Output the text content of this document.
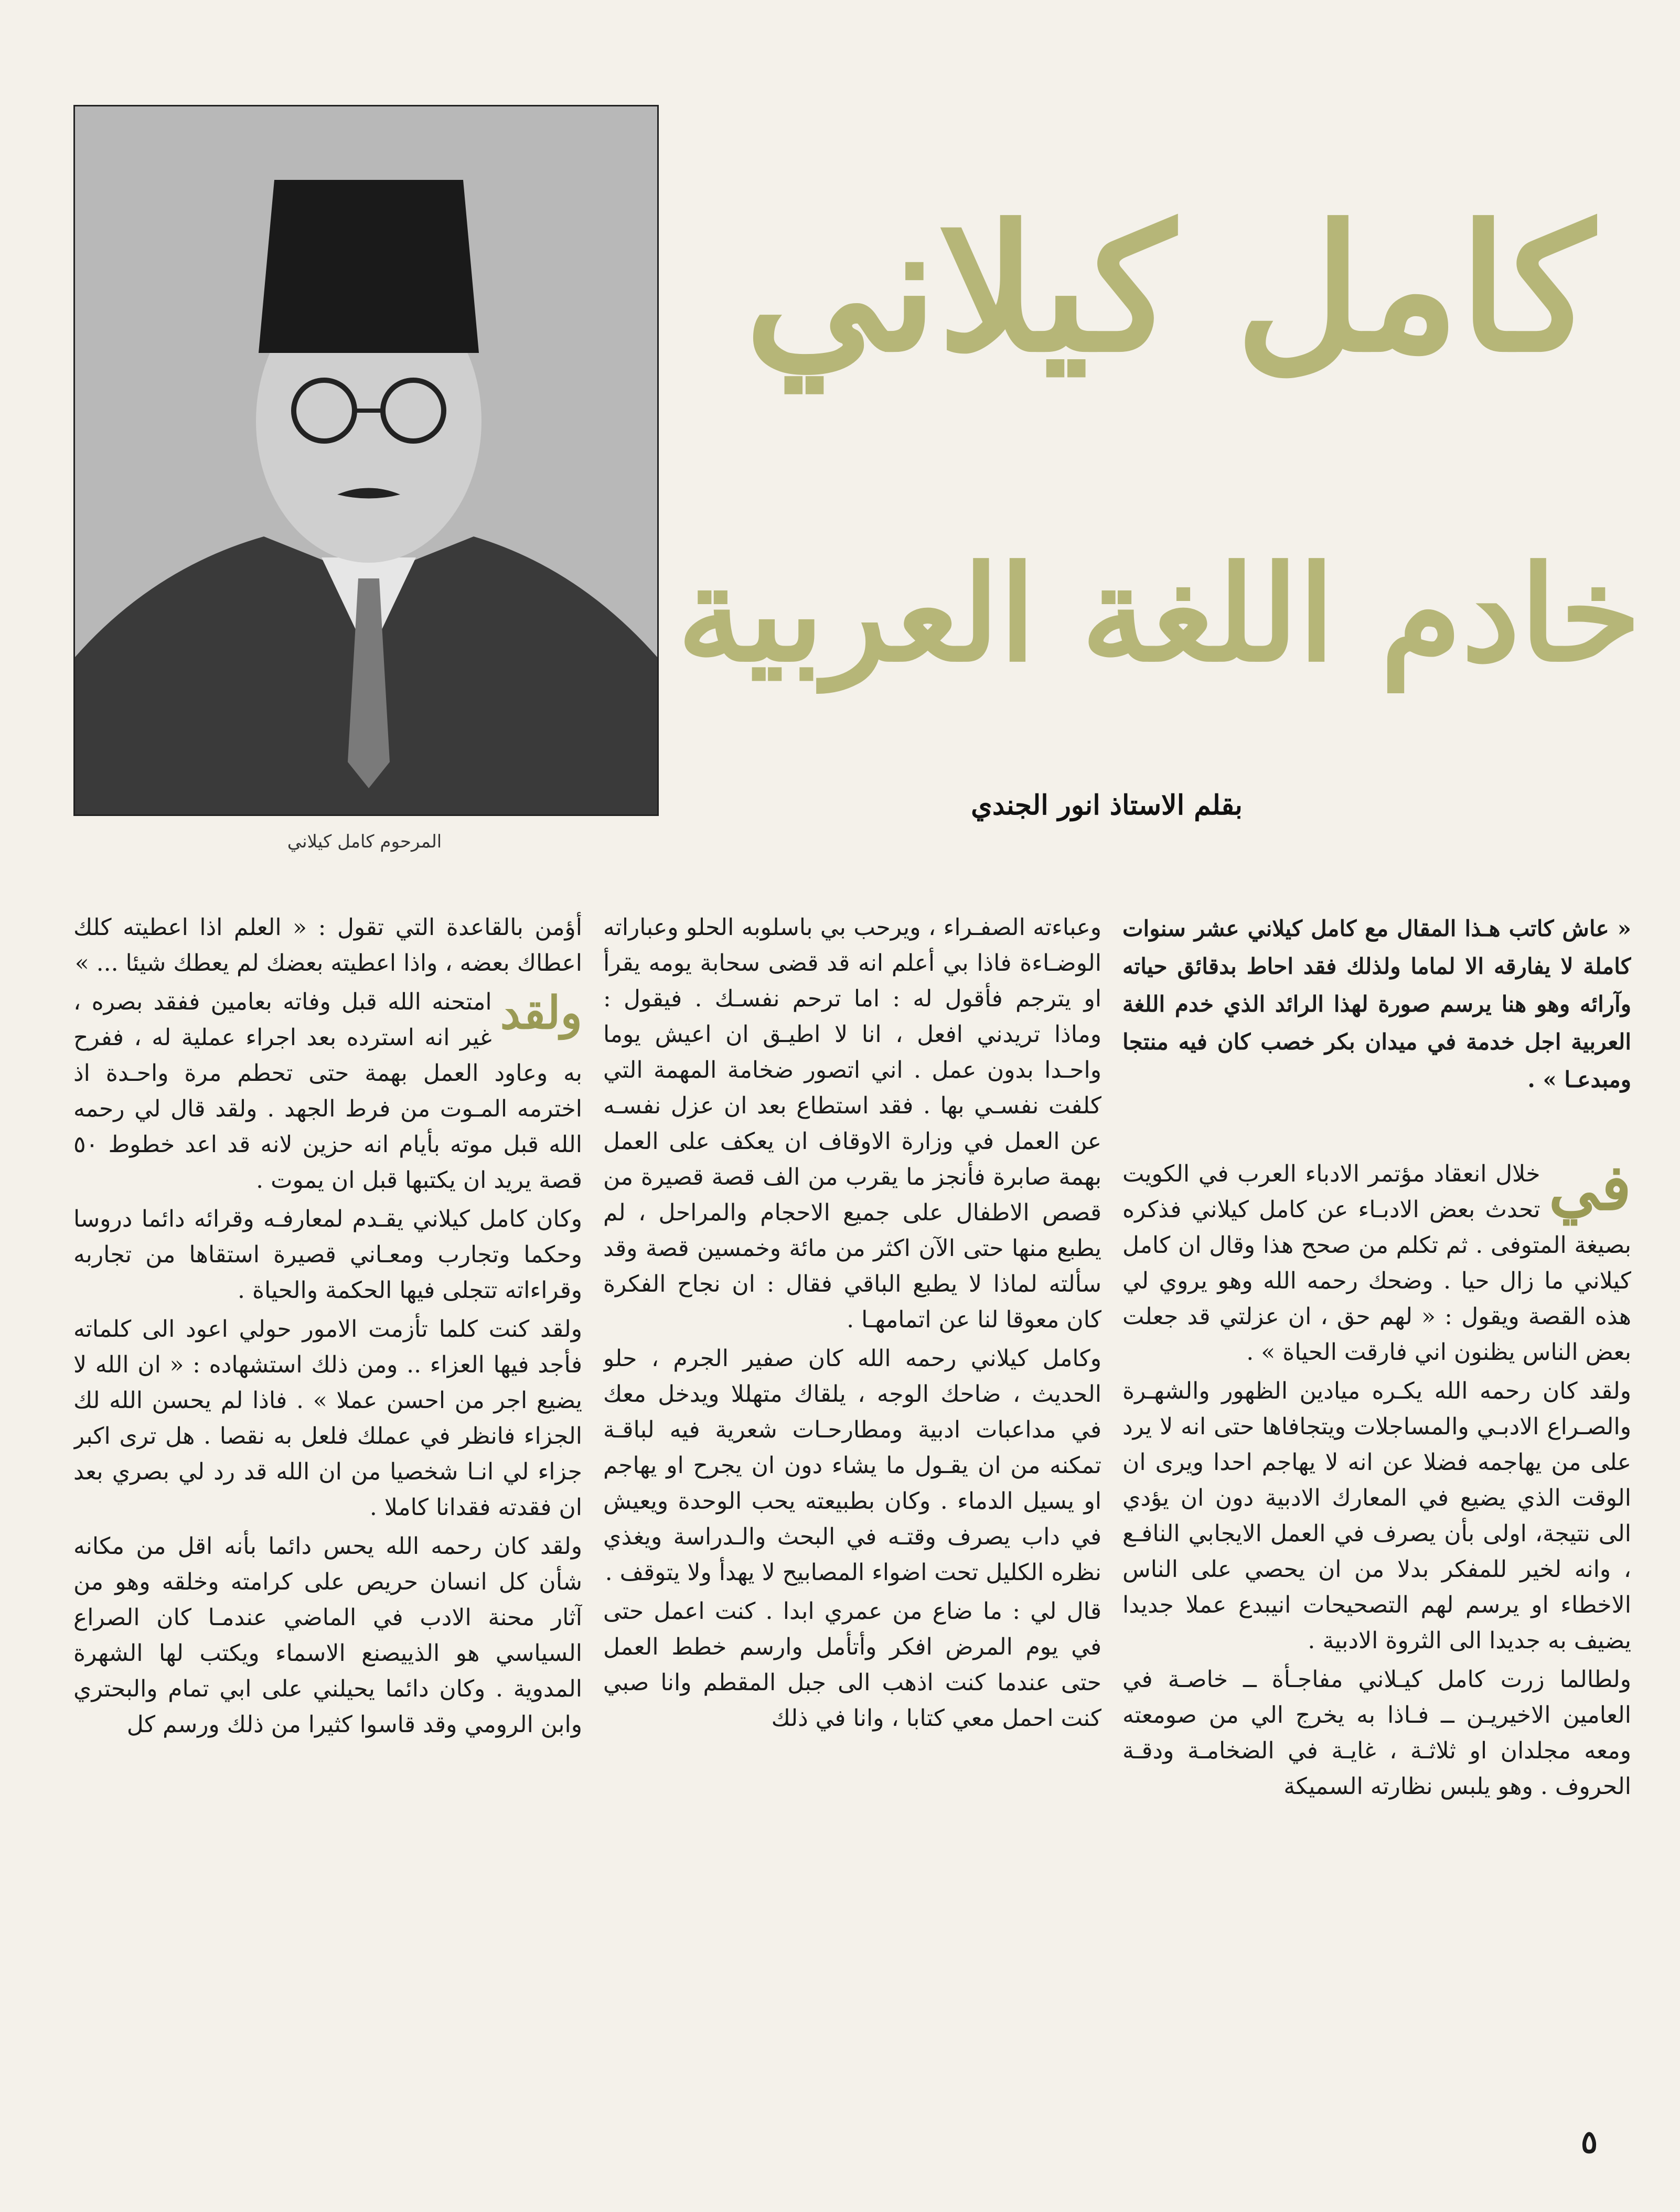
المرحوم كامل كيلاني
كامل كيلاني
خادم اللغة العربية
بقلم الاستاذ انور الجندي

« عاش كاتب هـذا المقال مع كامل كيلاني عشر سنوات كاملة لا يفارقه الا لماما ولذلك فقد احاط بدقائق حياته وآرائه وهو هنا يرسم صورة لهذا الرائد الذي خدم اللغة العربية اجل خدمة في ميدان بكر خصب كان فيه منتجا ومبدعـا » .

في

خلال انعقاد مؤتمر الادباء العرب في الكويت تحدث بعض الادبـاء عن كامل كيلاني فذكره بصيغة المتوفى . ثم تكلم من صحح هذا وقال ان كامل كيلاني ما زال حيا . وضحك رحمه الله وهو يروي لي هذه القصة ويقول : « لهم حق ، ان عزلتي قد جعلت بعض الناس يظنون اني فارقت الحياة » .

ولقد كان رحمه الله يكـره ميادين الظهور والشهـرة والصـراع الادبـي والمساجلات ويتجافاها حتى انه لا يرد على من يهاجمه فضلا عن انه لا يهاجم احدا ويرى ان الوقت الذي يضيع في المعارك الادبية دون ان يؤدي الى نتيجة، اولى بأن يصرف في العمل الايجابي النافـع ، وانه لخير للمفكر بدلا من ان يحصي على الناس الاخطاء او يرسم لهم التصحيحات انيبدع عملا جديدا يضيف به جديدا الى الثروة الادبية .

ولطالما زرت كامل كيـلاني مفاجـأة ــ خاصـة في العامين الاخيريـن ــ فـاذا به يخرج الي من صومعته ومعه مجلدان او ثلاثـة ، غايـة في الضخامـة ودقـة الحروف . وهو يلبس نظارته السميكة

وعباءته الصفـراء ، ويرحب بي باسلوبه الحلو وعباراته الوضـاءة فاذا بي أعلم انه قد قضى سحابة يومه يقرأ او يترجم فأقول له : اما ترحم نفسـك . فيقول : وماذا تريدني افعل ، انا لا اطيـق ان اعيش يوما واحـدا بدون عمل . اني اتصور ضخامة المهمة التي كلفت نفسـي بها . فقد استطاع بعد ان عزل نفسـه عن العمل في وزارة الاوقاف ان يعكف على العمل بهمة صابرة فأنجز ما يقرب من الف قصة قصيرة من قصص الاطفال على جميع الاحجام والمراحل ، لم يطبع منها حتى الآن اكثر من مائة وخمسين قصة وقد سألته لماذا لا يطبع الباقي فقال : ان نجاح الفكرة كان معوقا لنا عن اتمامهـا .

وكامل كيلاني رحمه الله كان صفير الجرم ، حلو الحديث ، ضاحك الوجه ، يلقاك متهللا ويدخل معك في مداعبات ادبية ومطارحـات شعرية فيه لباقـة تمكنه من ان يقـول ما يشاء دون ان يجرح او يهاجم او يسيل الدماء . وكان بطبيعته يحب الوحدة ويعيش في داب يصرف وقتـه في البحث والـدراسة ويغذي نظره الكليل تحت اضواء المصابيح لا يهدأ ولا يتوقف .

قال لي : ما ضاع من عمري ابدا . كنت اعمل حتى في يوم المرض افكر وأتأمل وارسم خطط العمل حتى عندما كنت اذهب الى جبل المقطم وانا صبي كنت احمل معي كتابا ، وانا في ذلك

أؤمن بالقاعدة التي تقول : « العلم اذا اعطيته كلك اعطاك بعضه ، واذا اعطيته بعضك لم يعطك شيئا ... »

ولقد

امتحنه الله قبل وفاته بعامين ففقد بصره ، غير انه استرده بعد اجراء عملية له ، ففرح به وعاود العمل بهمة حتى تحطم مرة واحـدة اذ اخترمه المـوت من فرط الجهد . ولقد قال لي رحمه الله قبل موته بأيام انه حزين لانه قد اعد خطوط ٥٠ قصة يريد ان يكتبها قبل ان يموت .

وكان كامل كيلاني يقـدم لمعارفـه وقرائه دائما دروسا وحكما وتجارب ومعـاني قصيرة استقاها من تجاربه وقراءاته تتجلى فيها الحكمة والحياة .

ولقد كنت كلما تأزمت الامور حولي اعود الى كلماته فأجد فيها العزاء .. ومن ذلك استشهاده : « ان الله لا يضيع اجر من احسن عملا » . فاذا لم يحسن الله لك الجزاء فانظر في عملك فلعل به نقصا . هل ترى اكبر جزاء لي انـا شخصيا من ان الله قد رد لي بصري بعد ان فقدته فقدانا كاملا .

ولقد كان رحمه الله يحس دائما بأنه اقل من مكانه شأن كل انسان حريص على كرامته وخلقه وهو من آثار محنة الادب في الماضي عندمـا كان الصراع السياسي هو الذييصنع الاسماء ويكتب لها الشهرة المدوية . وكان دائما يحيلني على ابي تمام والبحتري وابن الرومي وقد قاسوا كثيرا من ذلك ورسم كل

٥
